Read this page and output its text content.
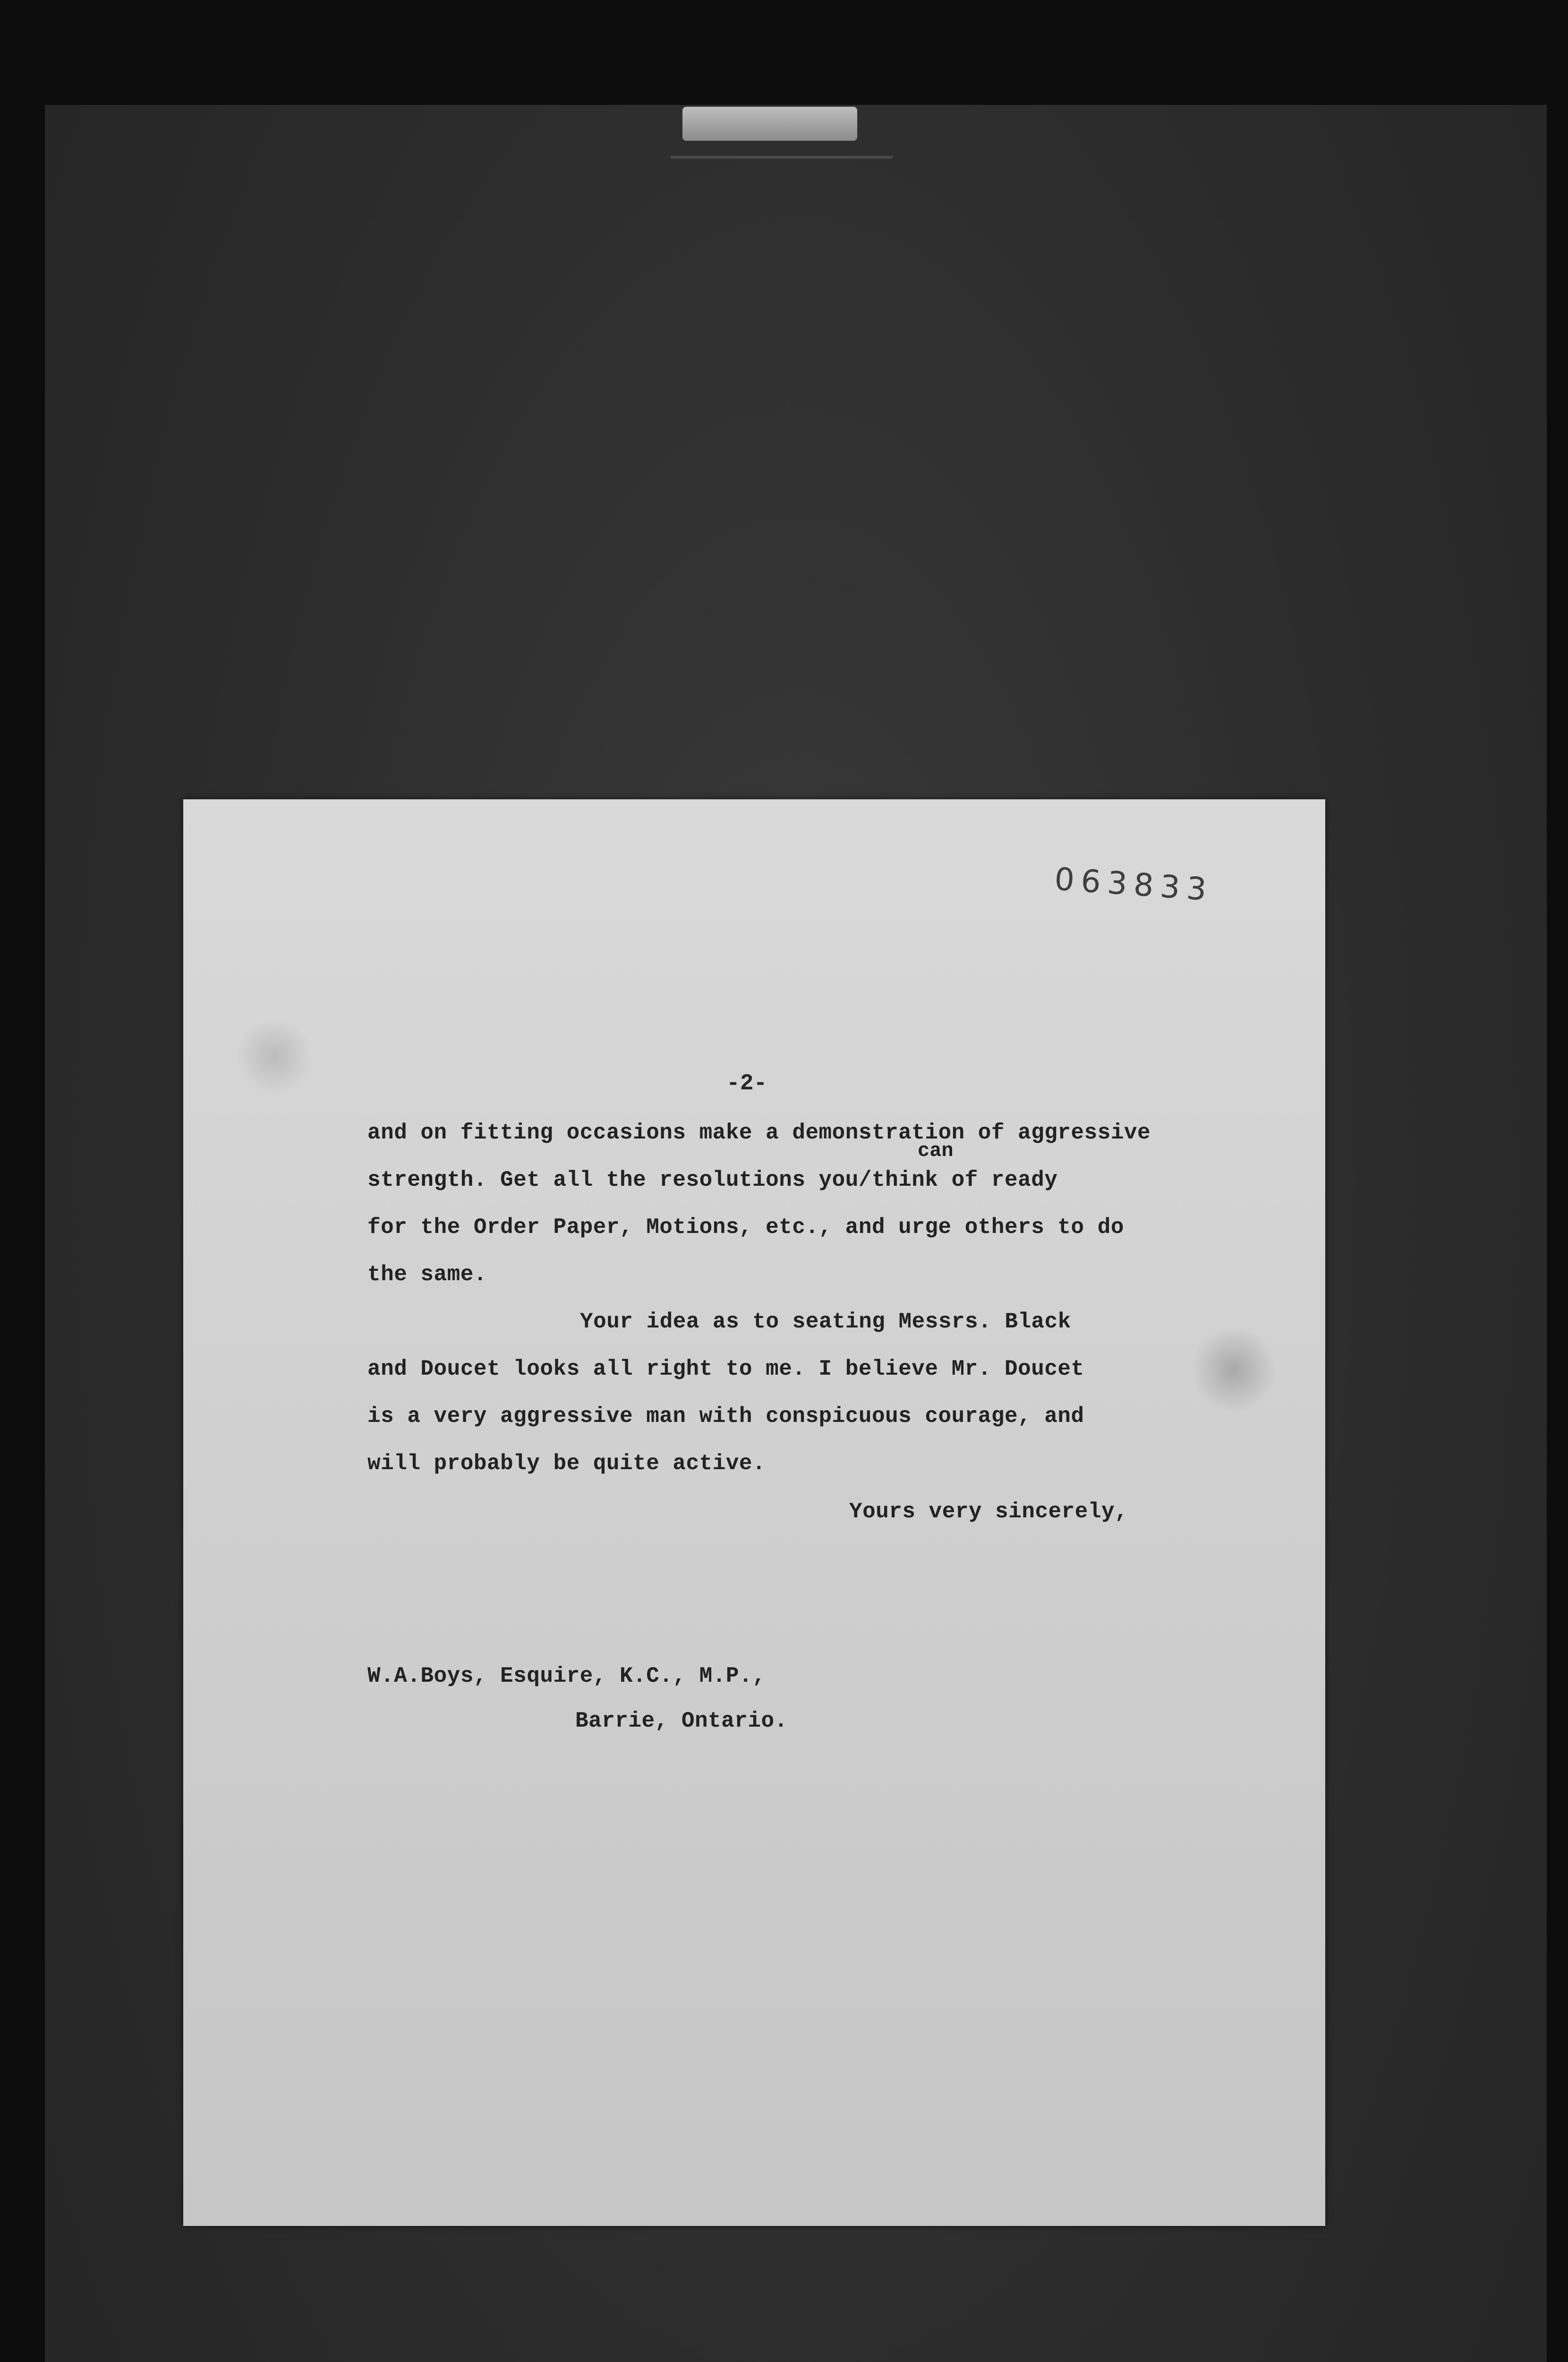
063833
-2-
can
and on fitting occasions make a demonstration of aggressive
strength. Get all the resolutions you/think of ready
for the Order Paper, Motions, etc., and urge others to do
the same.
Your idea as to seating Messrs. Black
and Doucet looks all right to me. I believe Mr. Doucet
is a very aggressive man with conspicuous courage, and
will probably be quite active.
Yours very sincerely,
W.A.Boys, Esquire, K.C., M.P.,
Barrie, Ontario.
